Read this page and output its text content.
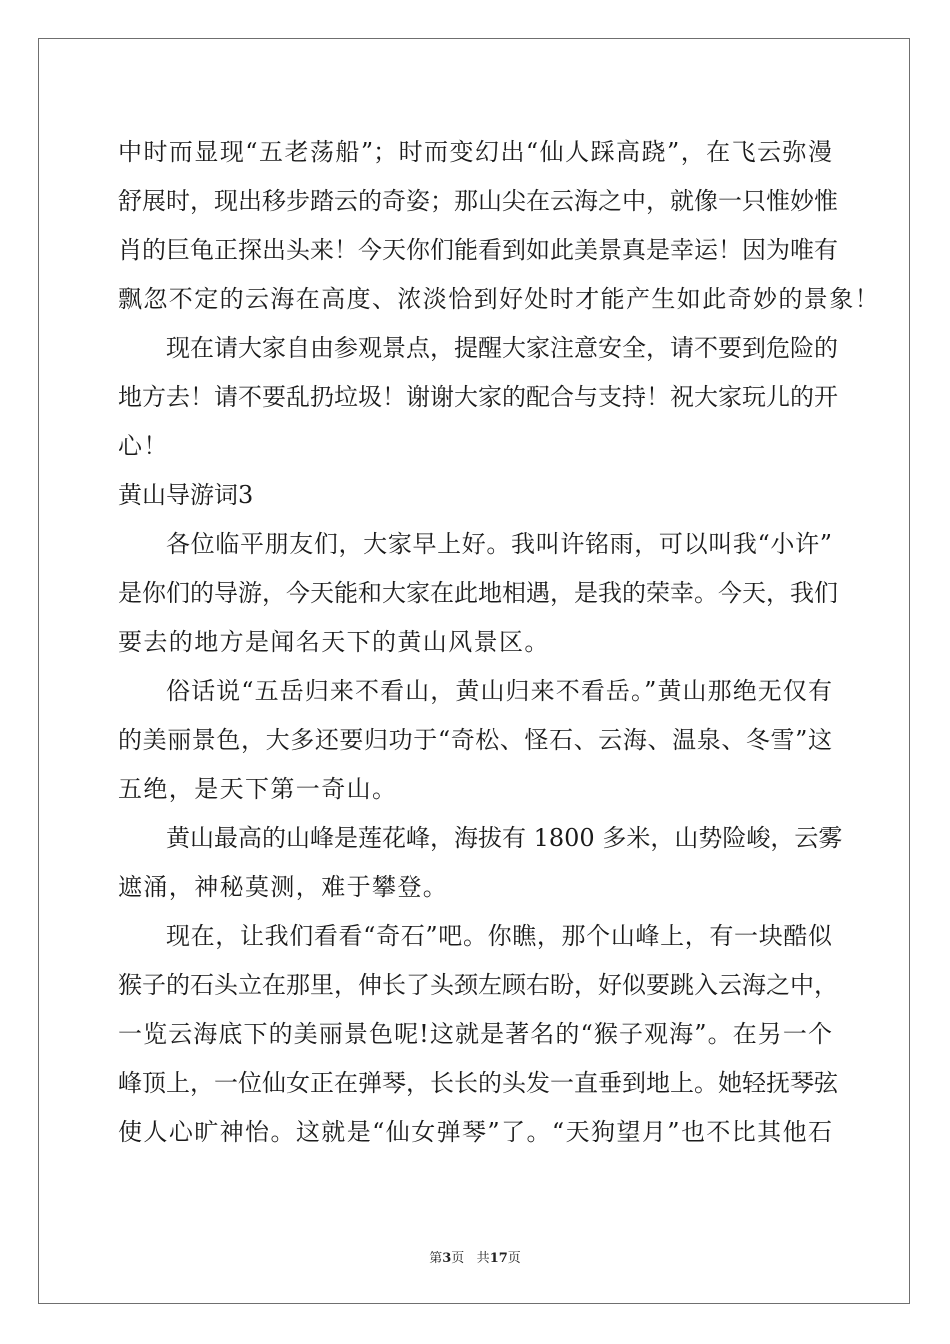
中时而显现“五老荡船”；时而变幻出“仙人踩高跷”，在飞云弥漫
舒展时，现出移步踏云的奇姿；那山尖在云海之中，就像一只惟妙惟
肖的巨龟正探出头来！今天你们能看到如此美景真是幸运！因为唯有
飘忽不定的云海在高度、浓淡恰到好处时才能产生如此奇妙的景象！
现在请大家自由参观景点，提醒大家注意安全，请不要到危险的
地方去！请不要乱扔垃圾！谢谢大家的配合与支持！祝大家玩儿的开
心！
黄山导游词3
各位临平朋友们，大家早上好。我叫许铭雨，可以叫我“小许”
是你们的导游，今天能和大家在此地相遇，是我的荣幸。今天，我们
要去的地方是闻名天下的黄山风景区。
俗话说“五岳归来不看山，黄山归来不看岳。”黄山那绝无仅有
的美丽景色，大多还要归功于“奇松、怪石、云海、温泉、冬雪”这
五绝，是天下第一奇山。
黄山最高的山峰是莲花峰，海拔有 1800 多米，山势险峻，云雾
遮涌，神秘莫测，难于攀登。
现在，让我们看看“奇石”吧。你瞧，那个山峰上，有一块酷似
猴子的石头立在那里，伸长了头颈左顾右盼，好似要跳入云海之中，
一览云海底下的美丽景色呢!这就是著名的“猴子观海”。在另一个
峰顶上，一位仙女正在弹琴，长长的头发一直垂到地上。她轻抚琴弦
使人心旷神怡。这就是“仙女弹琴”了。“天狗望月”也不比其他石
第3页 共17页
